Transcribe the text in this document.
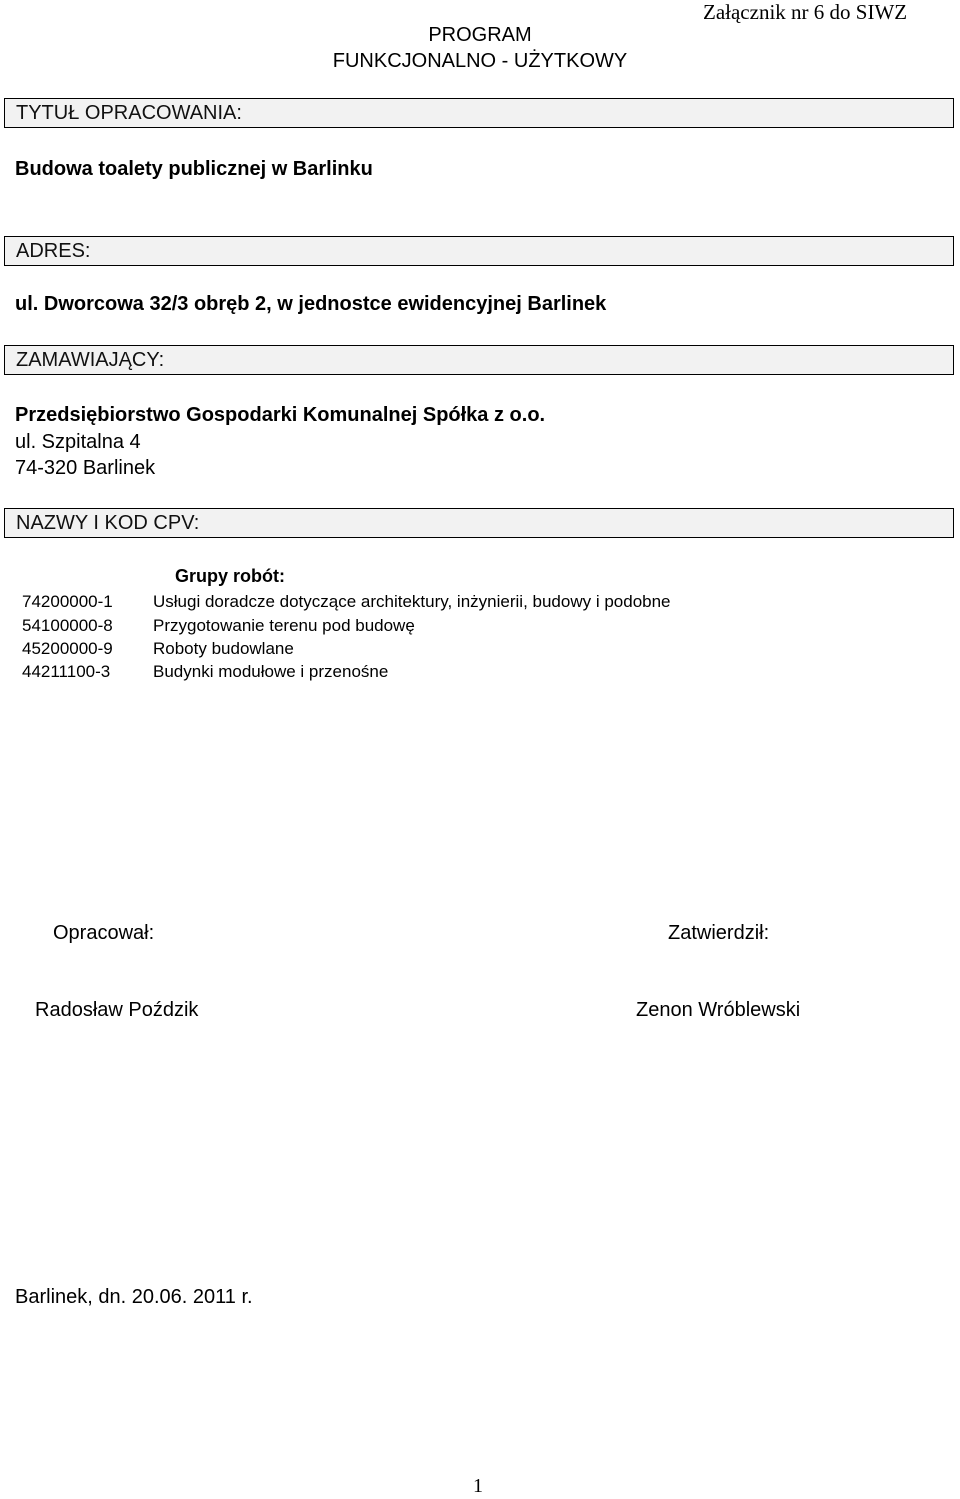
Załącznik nr 6 do SIWZ
PROGRAM
FUNKCJONALNO - UŻYTKOWY
TYTUŁ OPRACOWANIA:
Budowa toalety publicznej w Barlinku
ADRES:
ul. Dworcowa 32/3 obręb 2, w jednostce ewidencyjnej Barlinek
ZAMAWIAJĄCY:
Przedsiębiorstwo Gospodarki Komunalnej Spółka z o.o.
ul. Szpitalna 4
74-320 Barlinek
NAZWY I KOD CPV:
Grupy robót:
74200000-1 Usługi doradcze dotyczące architektury, inżynierii, budowy i podobne
54100000-8 Przygotowanie terenu pod budowę
45200000-9 Roboty budowlane
44211100-3	Budynki modułowe i przenośne
Opracował:	Zatwierdził:
Radosław Poździk	Zenon Wróblewski
Barlinek, dn. 20.06. 2011 r.
1
